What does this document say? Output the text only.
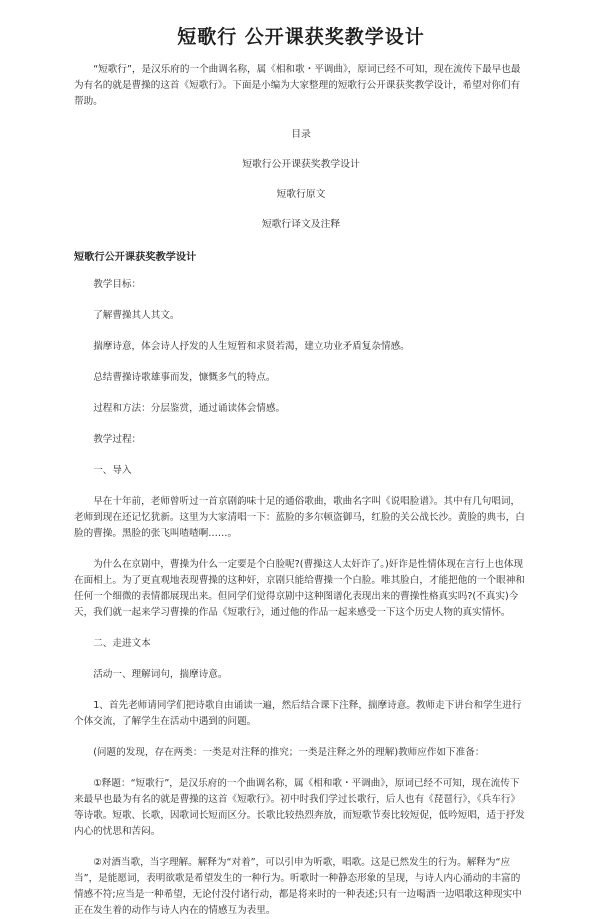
短歌行 公开课获奖教学设计

“短歌行”，是汉乐府的一个曲调名称，属《相和歌・平调曲》，原词已经不可知，现在流传下最早也最为有名的就是曹操的这首《短歌行》。下面是小编为大家整理的短歌行公开课获奖教学设计，希望对你们有帮助。

目录
短歌行公开课获奖教学设计
短歌行原文
短歌行译文及注释
短歌行公开课获奖教学设计

教学目标：

了解曹操其人其文。

揣摩诗意，体会诗人抒发的人生短暂和求贤若渴，建立功业矛盾复杂情感。

总结曹操诗歌雄事而发，慷慨多气的特点。

过程和方法：分层鉴赏，通过诵读体会情感。

教学过程：

一、导入

早在十年前，老师曾听过一首京剧韵味十足的通俗歌曲，歌曲名字叫《说唱脸谱》。其中有几句唱词，老师到现在还记忆犹新。这里为大家清唱一下：蓝脸的多尔顿盗御马，红脸的关公战长沙。黄脸的典韦，白脸的曹操。黑脸的张飞叫喳喳啊……。

为什么在京剧中，曹操为什么一定要是个白脸呢?(曹操这人太奸诈了。)奸诈是性情体现在言行上也体现在面相上。为了更直观地表现曹操的这种奸，京剧只能给曹操一个白脸。唯其脸白，才能把他的一个眼神和任何一个细微的表情都展现出来。但同学们觉得京剧中这种图谱化表现出来的曹操性格真实吗?(不真实)今天，我们就一起来学习曹操的作品《短歌行》，通过他的作品一起来感受一下这个历史人物的真实情怀。

二、走进文本

活动一、理解词句，揣摩诗意。

1、首先老师请同学们把诗歌自由诵读一遍，然后结合课下注释，揣摩诗意。教师走下讲台和学生进行个体交流，了解学生在活动中遇到的问题。

(问题的发现，存在两类：一类是对注释的推究；一类是注释之外的理解)教师应作如下准备：

①释题：“短歌行”，是汉乐府的一个曲调名称，属《相和歌・平调曲》，原词已经不可知，现在流传下来最早也最为有名的就是曹操的这首《短歌行》。初中时我们学过长歌行，后人也有《琵琶行》，《兵车行》等诗歌。短歌、长歌，因歌词长短而区分。长歌比较热烈奔放，而短歌节奏比较短促，低吟短唱，适于抒发内心的忧思和苦闷。

②对酒当歌，当字理解。解释为“对着”，可以引申为听歌，唱歌。这是已然发生的行为。解释为“应当”，是能愿词，表明欲歌是希望发生的一种行为。听歌时一种静态形象的呈现，与诗人内心涌动的丰富的情感不符;应当是一种希望，无论付没付诸行动，都是将来时的一种表述;只有一边喝酒一边唱歌这种现实中正在发生着的动作与诗人内在的情感互为表里。
